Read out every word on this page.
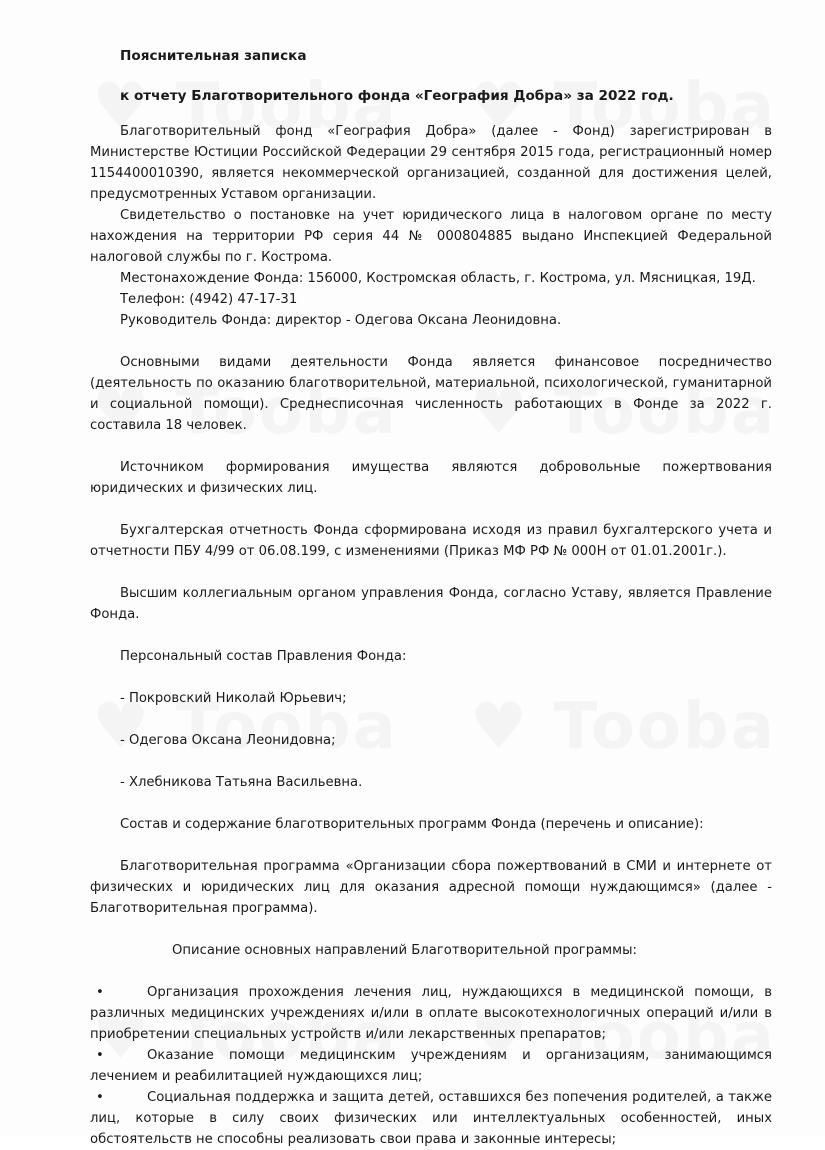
Пояснительная записка
к отчету Благотворительного фонда «География Добра» за 2022 год.

Благотворительный фонд «География Добра» (далее - Фонд) зарегистрирован в Министерстве Юстиции Российской Федерации 29 сентября 2015 года, регистрационный номер 1154400010390, является некоммерческой организацией, созданной для достижения целей, предусмотренных Уставом организации.

Свидетельство о постановке на учет юридического лица в налоговом органе по месту нахождения на территории РФ серия 44 № 000804885 выдано Инспекцией Федеральной налоговой службы по г. Кострома.

Местонахождение Фонда: 156000, Костромская область, г. Кострома, ул. Мясницкая, 19Д.

Телефон: (4942) 47-17-31

Руководитель Фонда: директор - Одегова Оксана Леонидовна.

Основными видами деятельности Фонда является финансовое посредничество (деятельность по оказанию благотворительной, материальной, психологической, гуманитарной и социальной помощи). Среднесписочная численность работающих в Фонде за 2022 г. составила 18 человек.

Источником формирования имущества являются добровольные пожертвования юридических и физических лиц.

Бухгалтерская отчетность Фонда сформирована исходя из правил бухгалтерского учета и отчетности ПБУ 4/99 от 06.08.199, с изменениями (Приказ МФ РФ № 000Н от 01.01.2001г.).

Высшим коллегиальным органом управления Фонда, согласно Уставу, является Правление Фонда.

Персональный состав Правления Фонда:

- Покровский Николай Юрьевич;

- Одегова Оксана Леонидовна;

- Хлебникова Татьяна Васильевна.

Состав и содержание благотворительных программ Фонда (перечень и описание):

Благотворительная программа «Организации сбора пожертвований в СМИ и интернете от физических и юридических лиц для оказания адресной помощи нуждающимся» (далее - Благотворительная программа).

Описание основных направлений Благотворительной программы:

•	Организация прохождения лечения лиц, нуждающихся в медицинской помощи, в различных медицинских учреждениях и/или в оплате высокотехнологичных операций и/или в приобретении специальных устройств и/или лекарственных препаратов;
•	Оказание помощи медицинским учреждениям и организациям, занимающимся лечением и реабилитацией нуждающихся лиц;
•	Социальная поддержка и защита детей, оставшихся без попечения родителей, а также лиц, которые в силу своих физических или интеллектуальных особенностей, иных обстоятельств не способны реализовать свои права и законные интересы;
